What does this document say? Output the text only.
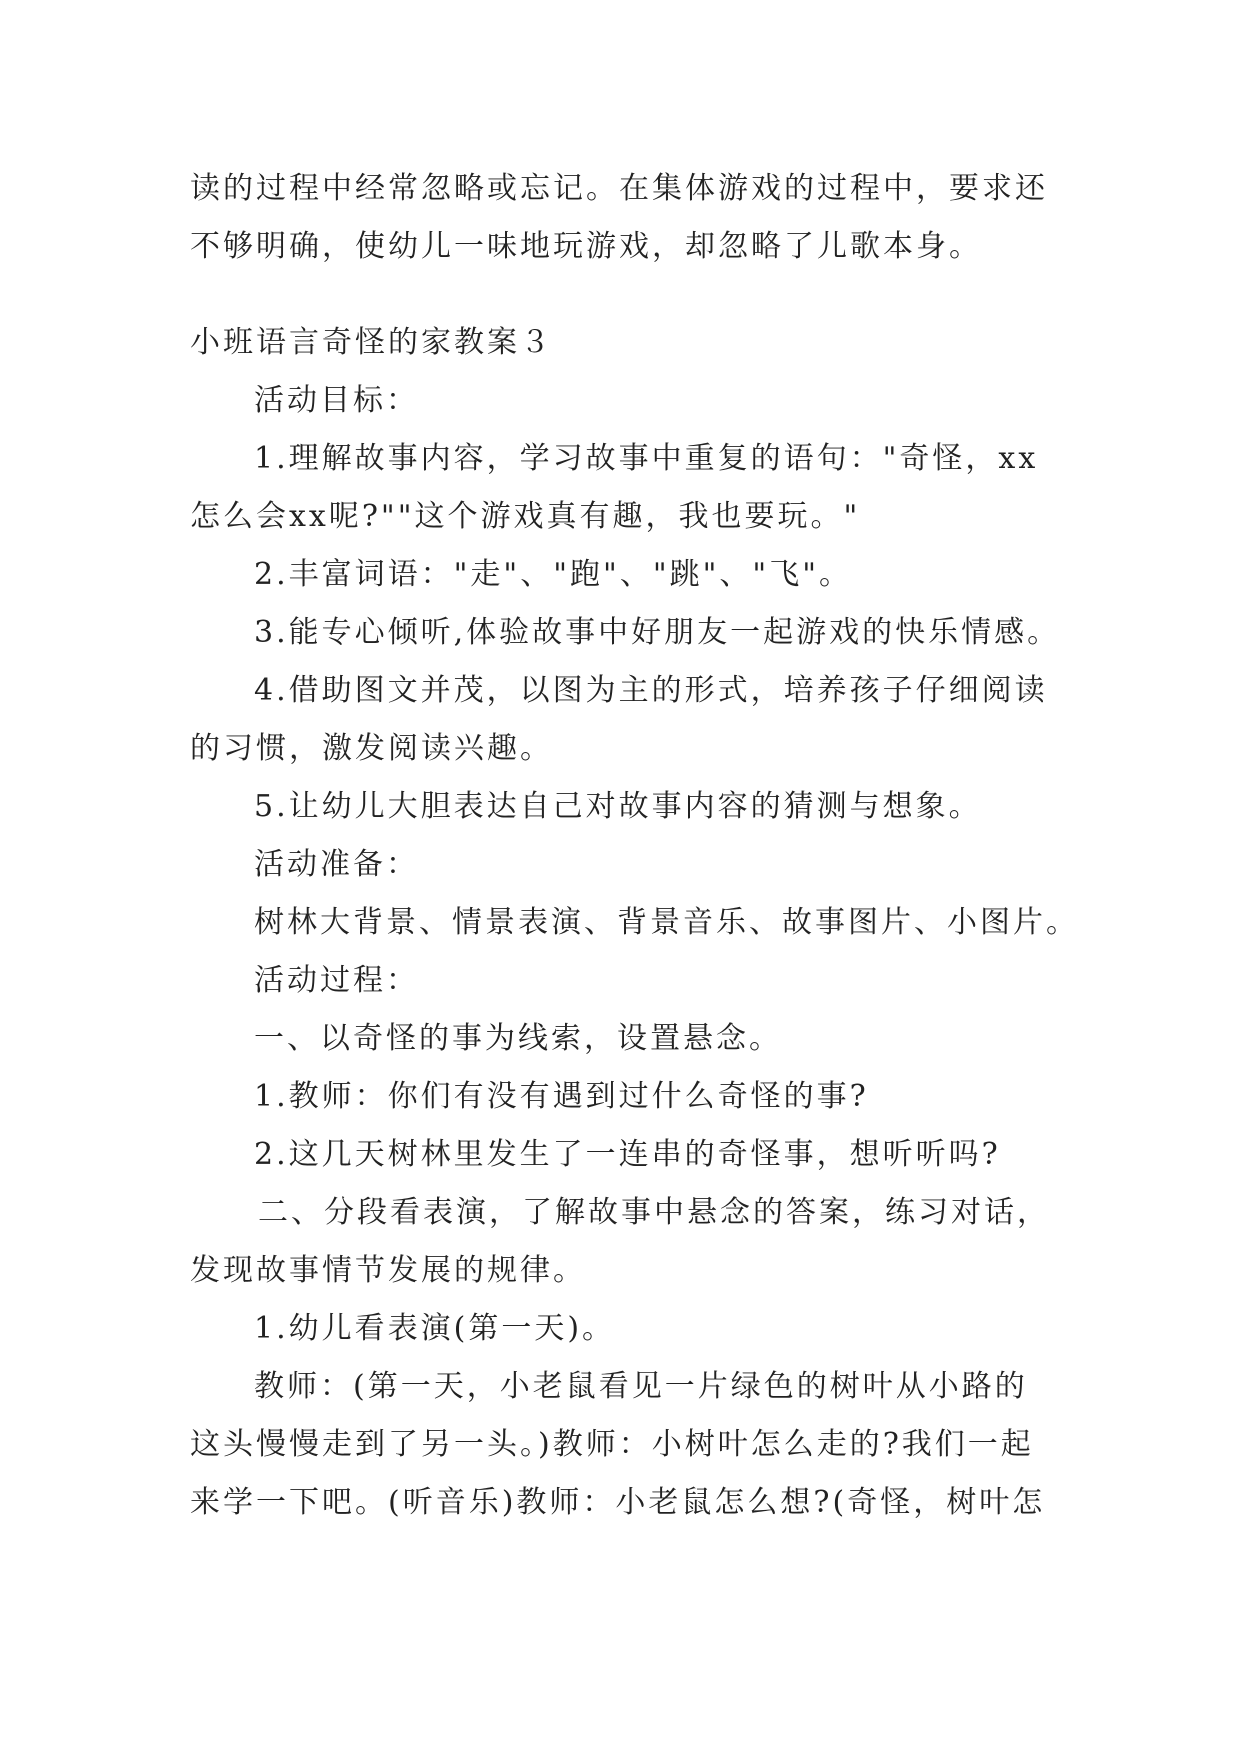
读的过程中经常忽略或忘记。在集体游戏的过程中，要求还
不够明确，使幼儿一味地玩游戏，却忽略了儿歌本身。
小班语言奇怪的家教案３
活动目标：
1.理解故事内容，学习故事中重复的语句："奇怪，xx
怎么会xx呢?""这个游戏真有趣，我也要玩。"
2.丰富词语："走"、"跑"、"跳"、"飞"。
3.能专心倾听,体验故事中好朋友一起游戏的快乐情感。
4.借助图文并茂，以图为主的形式，培养孩子仔细阅读
的习惯，激发阅读兴趣。
5.让幼儿大胆表达自己对故事内容的猜测与想象。
活动准备：
树林大背景、情景表演、背景音乐、故事图片、小图片。
活动过程：
一、以奇怪的事为线索，设置悬念。
1.教师：你们有没有遇到过什么奇怪的事?
2.这几天树林里发生了一连串的奇怪事，想听听吗?
二、分段看表演，了解故事中悬念的答案，练习对话，
发现故事情节发展的规律。
1.幼儿看表演(第一天)。
教师：(第一天，小老鼠看见一片绿色的树叶从小路的
这头慢慢走到了另一头。)教师：小树叶怎么走的?我们一起
来学一下吧。(听音乐)教师：小老鼠怎么想?(奇怪，树叶怎
